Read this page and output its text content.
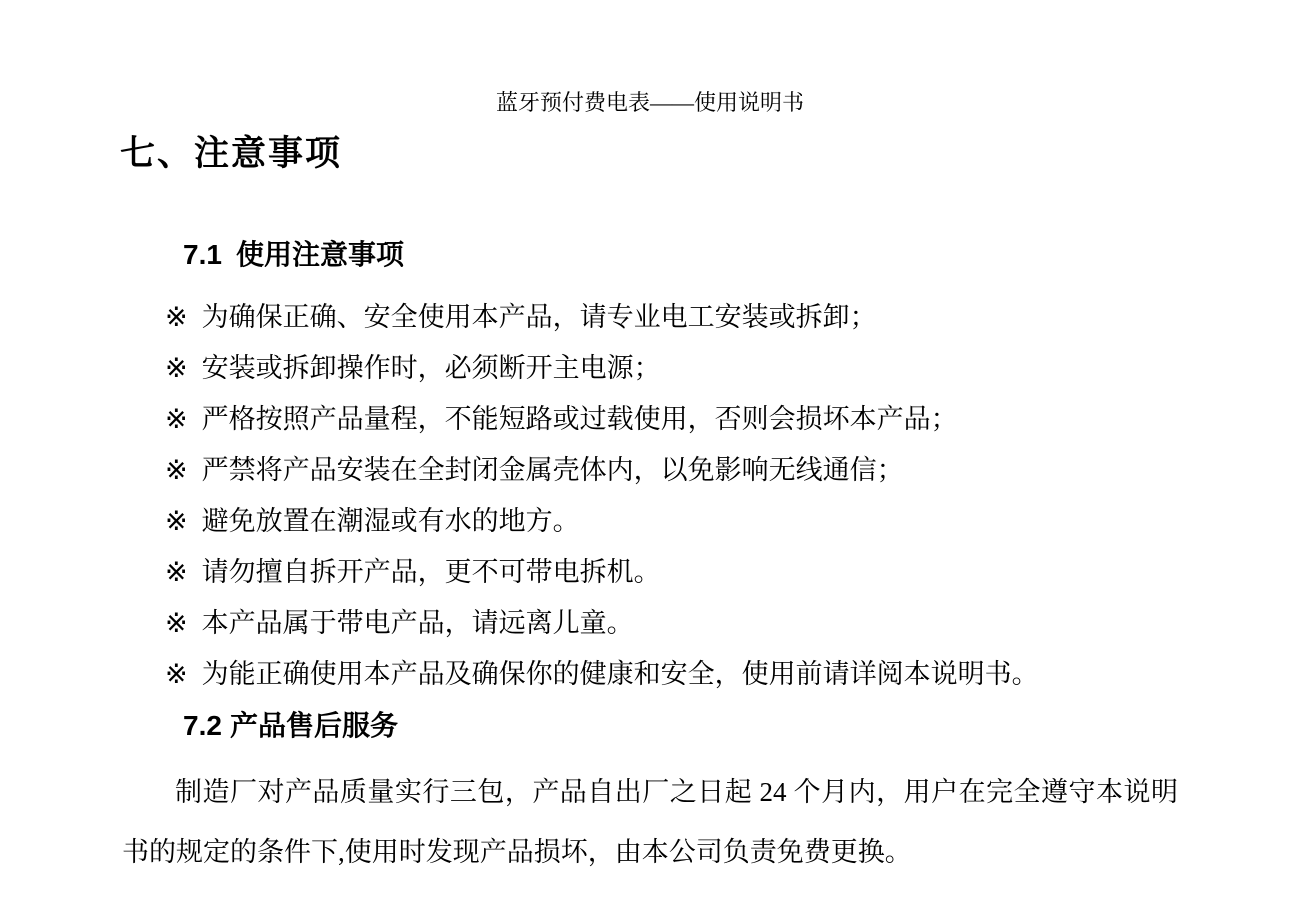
蓝牙预付费电表——使用说明书
七、注意事项
7.1 使用注意事项
※ 为确保正确、安全使用本产品，请专业电工安装或拆卸；
※ 安装或拆卸操作时，必须断开主电源；
※ 严格按照产品量程，不能短路或过载使用，否则会损坏本产品；
※ 严禁将产品安装在全封闭金属壳体内，以免影响无线通信；
※ 避免放置在潮湿或有水的地方。
※ 请勿擅自拆开产品，更不可带电拆机。
※ 本产品属于带电产品，请远离儿童。
※ 为能正确使用本产品及确保你的健康和安全，使用前请详阅本说明书。
7.2 产品售后服务

制造厂对产品质量实行三包，产品自出厂之日起 24 个月内，用户在完全遵守本说明书的规定的条件下,使用时发现产品损坏，由本公司负责免费更换。
